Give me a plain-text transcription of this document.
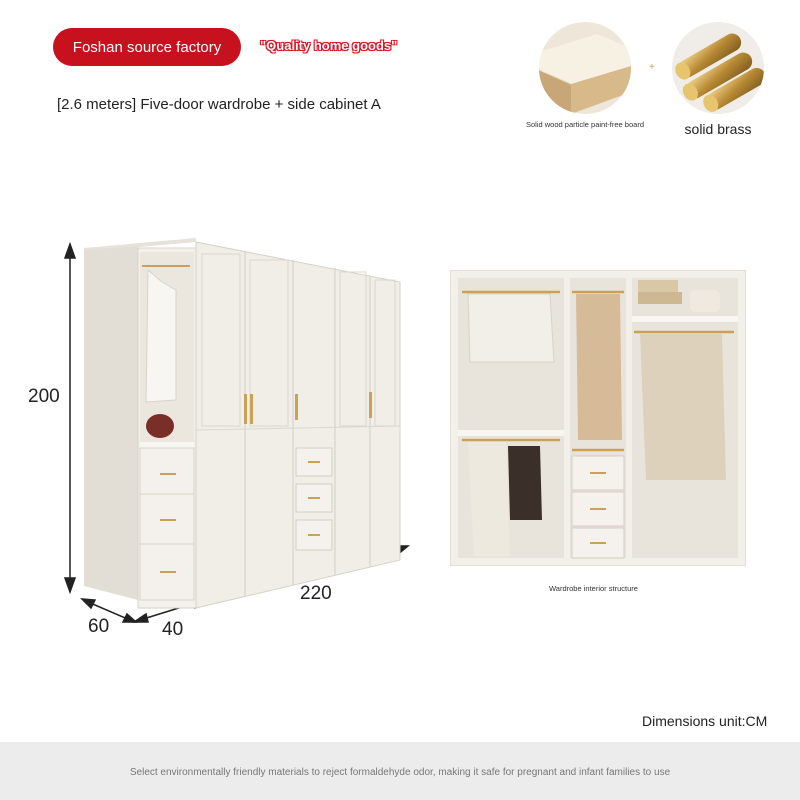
Foshan source factory	"Quality home goods"
[2.6 meters] Five-door wardrobe + side cabinet A
Solid wood particle paint-free board
+
solid brass
200
220
60	40
Wardrobe interior structure
Dimensions unit:CM
Select environmentally friendly materials to reject formaldehyde odor, making it safe for pregnant and infant families to use
